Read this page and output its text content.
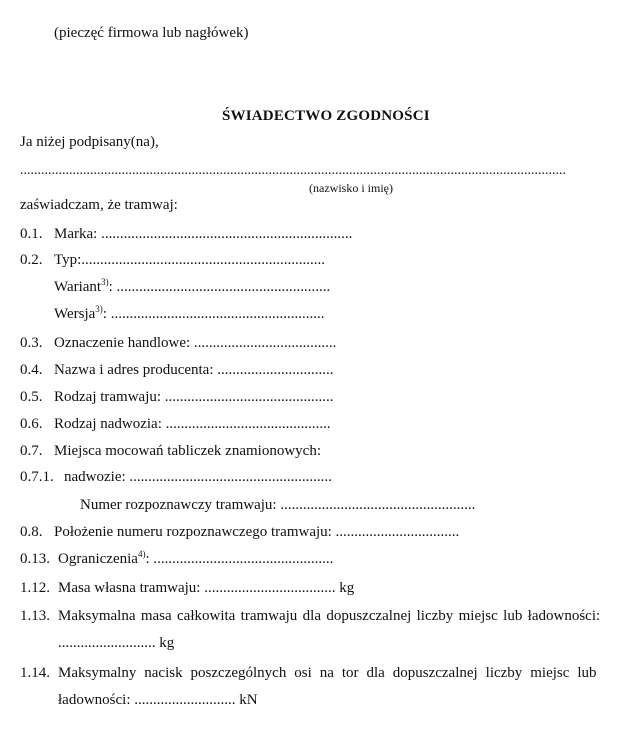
(pieczęć firmowa lub nagłówek)
ŚWIADECTWO ZGODNOŚCI
Ja niżej podpisany(na),
............................................................................................................................................................
(nazwisko i imię)
zaświadczam, że tramwaj:
0.1. Marka: ...................................................................
0.2. Typ:.................................................................
Wariant$^{3)}$: .........................................................
Wersja$^{3)}$: .........................................................
0.3. Oznaczenie handlowe: ......................................
0.4. Nazwa i adres producenta: ...............................
0.5. Rodzaj tramwaju: .............................................
0.6. Rodzaj nadwozia: ............................................
0.7. Miejsca mocowań tabliczek znamionowych:
0.7.1. nadwozie: ......................................................
Numer rozpoznawczy tramwaju: ....................................................
0.8. Położenie numeru rozpoznawczego tramwaju: .................................
0.13. Ograniczenia$^{4)}$: ................................................
1.12. Masa własna tramwaju: ................................... kg
1.13. Maksymalna masa całkowita tramwaju dla dopuszczalnej liczby miejsc lub ładowności:
.......................... kg
1.14. Maksymalny nacisk poszczególnych osi na tor dla dopuszczalnej liczby miejsc lub
ładowności: ........................... kN
